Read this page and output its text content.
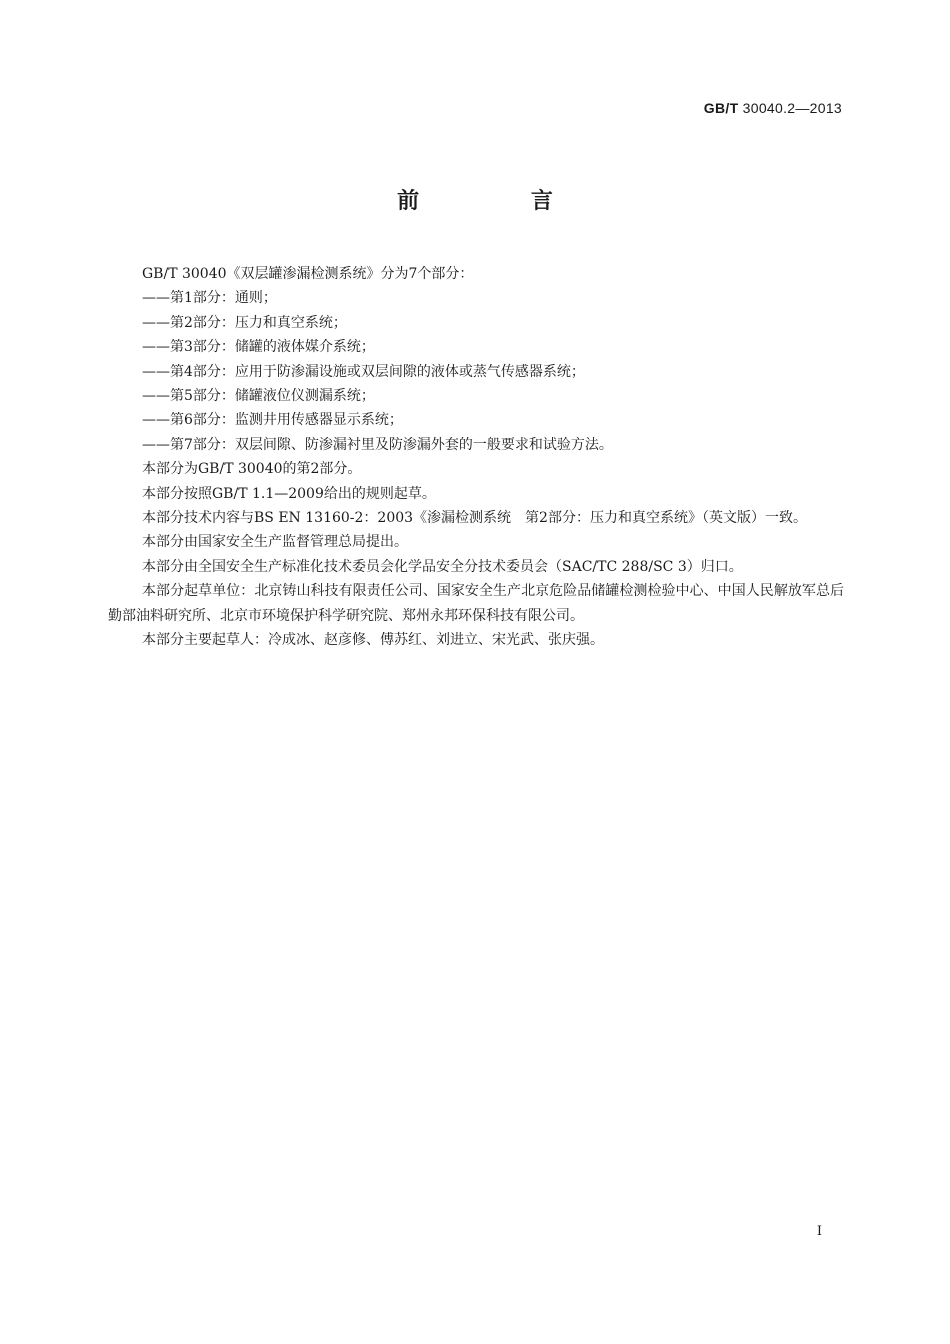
GB/T 30040.2—2013
前 言

GB/T 30040《双层罐渗漏检测系统》分为7个部分：

——第1部分：通则；

——第2部分：压力和真空系统；

——第3部分：储罐的液体媒介系统；

——第4部分：应用于防渗漏设施或双层间隙的液体或蒸气传感器系统；

——第5部分：储罐液位仪测漏系统；

——第6部分：监测井用传感器显示系统；

——第7部分：双层间隙、防渗漏衬里及防渗漏外套的一般要求和试验方法。

本部分为GB/T 30040的第2部分。

本部分按照GB/T 1.1—2009给出的规则起草。

本部分技术内容与BS EN 13160-2：2003《渗漏检测系统　第2部分：压力和真空系统》（英文版）一致。

本部分由国家安全生产监督管理总局提出。

本部分由全国安全生产标准化技术委员会化学品安全分技术委员会（SAC/TC 288/SC 3）归口。

本部分起草单位：北京铸山科技有限责任公司、国家安全生产北京危险品储罐检测检验中心、中国人民解放军总后勤部油料研究所、北京市环境保护科学研究院、郑州永邦环保科技有限公司。

本部分主要起草人：冷成冰、赵彦修、傅苏红、刘进立、宋光武、张庆强。

I
